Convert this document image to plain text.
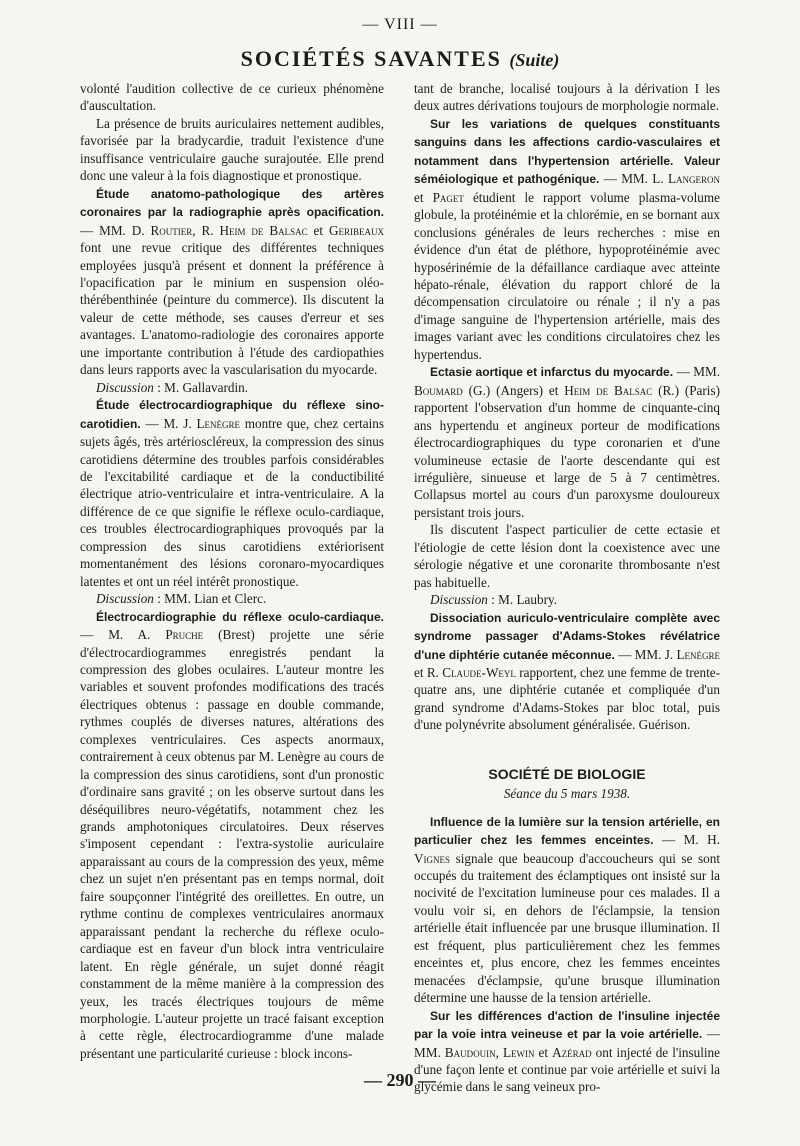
— VIII —
SOCIÉTÉS SAVANTES (Suite)

volonté l'audition collective de ce curieux phénomène d'auscultation.

La présence de bruits auriculaires nettement audibles, favorisée par la bradycardie, traduit l'existence d'une insuffisance ventriculaire gauche surajoutée. Elle prend donc une valeur à la fois diagnostique et pronostique.

Étude anatomo-pathologique des artères coronaires par la radiographie après opacification. — MM. D. Routier, R. Heim de Balsac et Geribeaux font une revue critique des différentes techniques employées jusqu'à présent et donnent la préférence à l'opacification par le minium en suspension oléo-thérébenthinée (peinture du commerce). Ils discutent la valeur de cette méthode, ses causes d'erreur et ses avantages. L'anatomo-radiologie des coronaires apporte une importante contribution à l'étude des cardiopathies dans leurs rapports avec la vascularisation du myocarde.

Discussion : M. Gallavardin.

Étude électrocardiographique du réflexe sino-carotidien. — M. J. Lenègre montre que, chez certains sujets âgés, très artérioscléreux, la compression des sinus carotidiens détermine des troubles parfois considérables de l'excitabilité cardiaque et de la conductibilité électrique atrio-ventriculaire et intra-ventriculaire. A la différence de ce que signifie le réflexe oculo-cardiaque, ces troubles électrocardiographiques provoqués par la compression des sinus carotidiens extériorisent momentanément des lésions coronaro-myocardiques latentes et ont un réel intérêt pronostique.

Discussion : MM. Lian et Clerc.

Électrocardiographie du réflexe oculo-cardiaque. — M. A. Pruche (Brest) projette une série d'électrocardiogrammes enregistrés pendant la compression des globes oculaires. L'auteur montre les variables et souvent profondes modifications des tracés électriques obtenus : passage en double commande, rythmes couplés de diverses natures, altérations des complexes ventriculaires. Ces aspects anormaux, contrairement à ceux obtenus par M. Lenègre au cours de la compression des sinus carotidiens, sont d'un pronostic d'ordinaire sans gravité ; on les observe surtout dans les déséquilibres neuro-végétatifs, notamment chez les grands amphotoniques circulatoires. Deux réserves s'imposent cependant : l'extra-systolie auriculaire apparaissant au cours de la compression des yeux, même chez un sujet n'en présentant pas en temps normal, doit faire soupçonner l'intégrité des oreillettes. En outre, un rythme continu de complexes ventriculaires anormaux apparaissant pendant la recherche du réflexe oculo-cardiaque est en faveur d'un block intra ventriculaire latent. En règle générale, un sujet donné réagit constamment de la même manière à la compression des yeux, les tracés électriques toujours de même morphologie. L'auteur projette un tracé faisant exception à cette règle, électrocardiogramme d'une malade présentant une particularité curieuse : block incons-

tant de branche, localisé toujours à la dérivation I les deux autres dérivations toujours de morphologie normale.

Sur les variations de quelques constituants sanguins dans les affections cardio-vasculaires et notamment dans l'hypertension artérielle. Valeur séméiologique et pathogénique. — MM. L. Langeron et Paget étudient le rapport volume plasma-volume globule, la protéinémie et la chlorémie, en se bornant aux conclusions générales de leurs recherches : mise en évidence d'un état de pléthore, hypoprotéinémie avec hyposérinémie de la défaillance cardiaque avec atteinte hépato-rénale, élévation du rapport chloré de la décompensation circulatoire ou rénale ; il n'y a pas d'image sanguine de l'hypertension artérielle, mais des images variant avec les conditions circulatoires chez les hypertendus.

Ectasie aortique et infarctus du myocarde. — MM. Boumard (G.) (Angers) et Heim de Balsac (R.) (Paris) rapportent l'observation d'un homme de cinquante-cinq ans hypertendu et angineux porteur de modifications électrocardiographiques du type coronarien et d'une volumineuse ectasie de l'aorte descendante qui est irrégulière, sinueuse et large de 5 à 7 centimètres. Collapsus mortel au cours d'un paroxysme douloureux persistant trois jours.

Ils discutent l'aspect particulier de cette ectasie et l'étiologie de cette lésion dont la coexistence avec une sérologie négative et une coronarite thrombosante n'est pas habituelle.

Discussion : M. Laubry.

Dissociation auriculo-ventriculaire complète avec syndrome passager d'Adams-Stokes révélatrice d'une diphtérie cutanée méconnue. — MM. J. Lenègre et R. Claude-Weyl rapportent, chez une femme de trente-quatre ans, une diphtérie cutanée et compliquée d'un grand syndrome d'Adams-Stokes par bloc total, puis d'une polynévrite absolument généralisée. Guérison.

SOCIÉTÉ DE BIOLOGIE
Séance du 5 mars 1938.

Influence de la lumière sur la tension artérielle, en particulier chez les femmes enceintes. — M. H. Vignes signale que beaucoup d'accoucheurs qui se sont occupés du traitement des éclamptiques ont insisté sur la nocivité de l'excitation lumineuse pour ces malades. Il a voulu voir si, en dehors de l'éclampsie, la tension artérielle était influencée par une brusque illumination. Il est fréquent, plus particulièrement chez les femmes enceintes et, plus encore, chez les femmes enceintes menacées d'éclampsie, qu'une brusque illumination détermine une hausse de la tension artérielle.

Sur les différences d'action de l'insuline injectée par la voie intra veineuse et par la voie artérielle. — MM. Baudouin, Lewin et Azérad ont injecté de l'insuline d'une façon lente et continue par voie artérielle et suivi la glycémie dans le sang veineux pro-

— 290 —
